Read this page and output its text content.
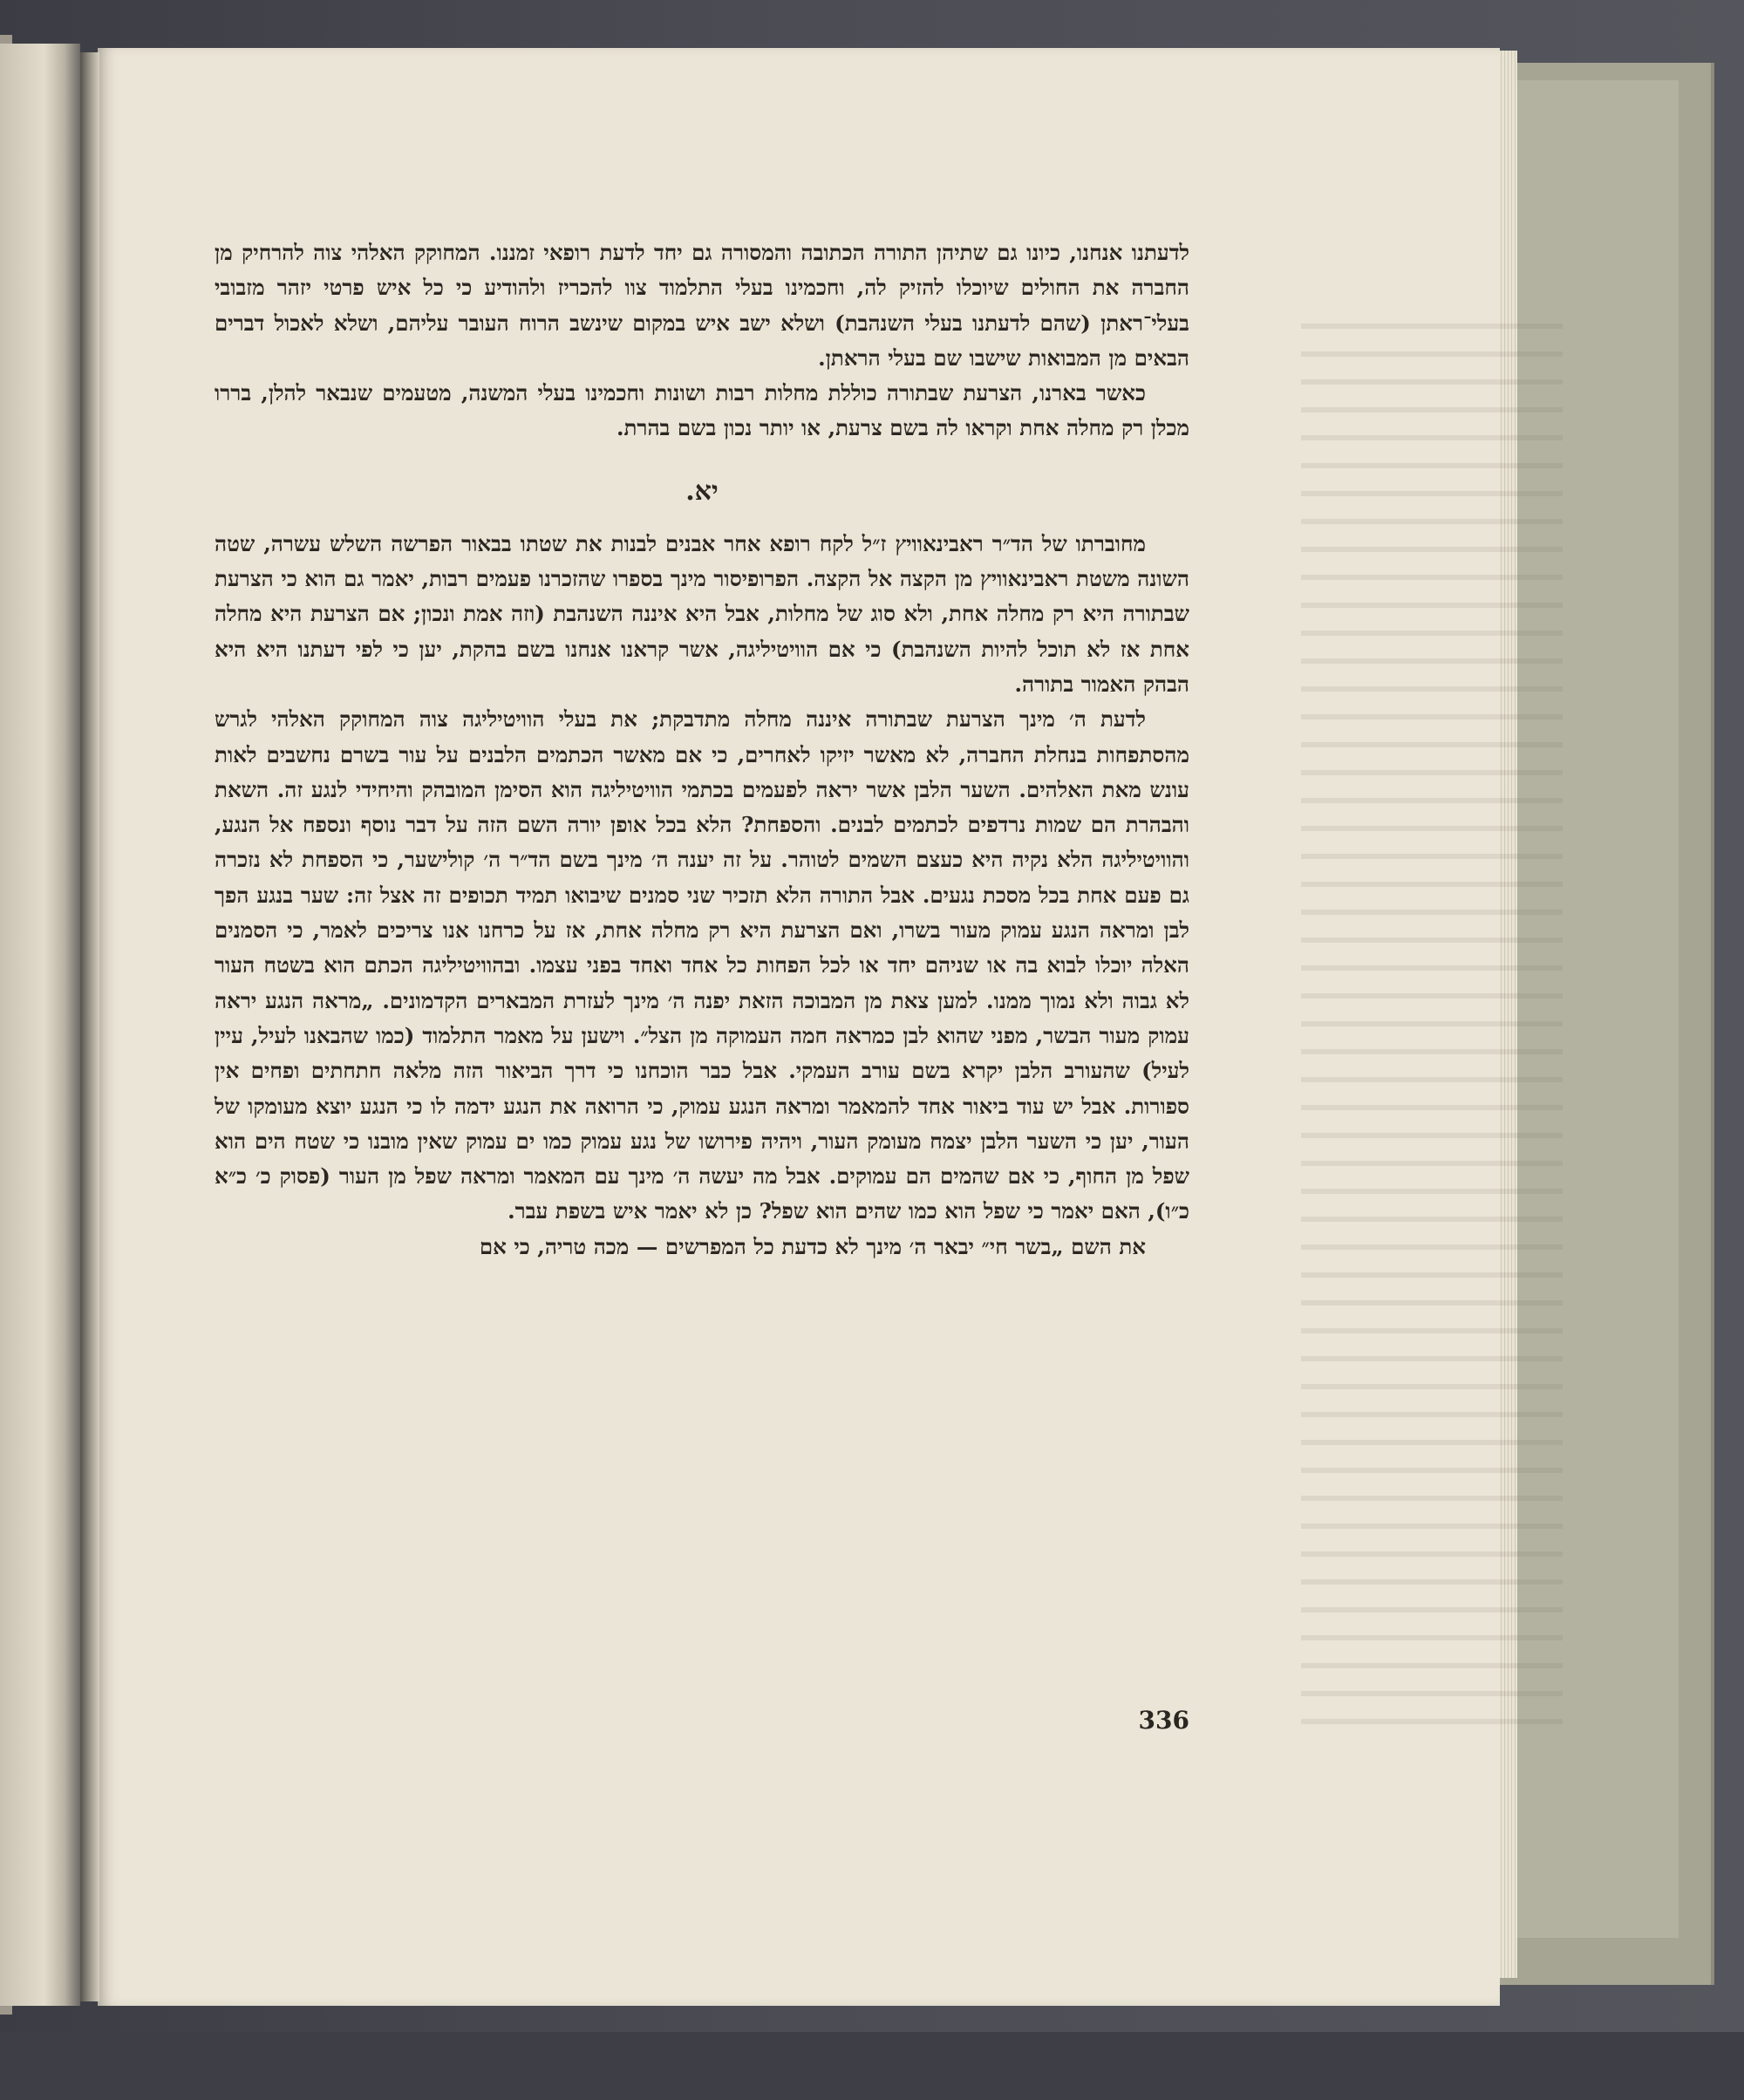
לדעתנו אנחנו, כיונו גם שתיהן התורה הכתובה והמסורה גם יחד לדעת רופאי זמננו. המחוקק האלהי צוה להרחיק מן החברה את החולים שיוכלו להזיק לה, וחכמינו בעלי התלמוד צוו להכריז ולהודיע כי כל איש פרטי יזהר מזבובי בעלי־ראתן (שהם לדעתנו בעלי השנהבת) ושלא ישב איש במקום שינשב הרוח העובר עליהם, ושלא לאכול דברים הבאים מן המבואות שישבו שם בעלי הראתן.

כאשר בארנו, הצרעת שבתורה כוללת מחלות רבות ושונות וחכמינו בעלי המשנה, מטעמים שנבאר להלן, בררו מכלן רק מחלה אחת וקראו לה בשם צרעת, או יותר נכון בשם בהרת.

יא.

מחוברתו של הד״ר ראבינאוויץ ז״ל לקח רופא אחר אבנים לבנות את שטתו בבאור הפרשה השלש עשרה, שטה השונה משטת ראבינאוויץ מן הקצה אל הקצה. הפרופיסור מינך בספרו שהזכרנו פעמים רבות, יאמר גם הוא כי הצרעת שבתורה היא רק מחלה אחת, ולא סוג של מחלות, אבל היא איננה השנהבת (וזה אמת ונכון; אם הצרעת היא מחלה אחת אז לא תוכל להיות השנהבת) כי אם הוויטיליגה, אשר קראנו אנחנו בשם בהקת, יען כי לפי דעתנו היא היא הבהק האמור בתורה.

לדעת ה׳ מינך הצרעת שבתורה איננה מחלה מתדבקת; את בעלי הוויטיליגה צוה המחוקק האלהי לגרש מהסתפחות בנחלת החברה, לא מאשר יזיקו לאחרים, כי אם מאשר הכתמים הלבנים על עור בשרם נחשבים לאות עונש מאת האלהים. השער הלבן אשר יראה לפעמים בכתמי הוויטיליגה הוא הסימן המובהק והיחידי לנגע זה. השאת והבהרת הם שמות נרדפים לכתמים לבנים. והספחת? הלא בכל אופן יורה השם הזה על דבר נוסף ונספח אל הנגע, והוויטיליגה הלא נקיה היא כעצם השמים לטוהר. על זה יענה ה׳ מינך בשם הד״ר ה׳ קולישער, כי הספחת לא נזכרה גם פעם אחת בכל מסכת נגעים. אבל התורה הלא תזכיר שני סמנים שיבואו תמיד תכופים זה אצל זה: שער בנגע הפך לבן ומראה הנגע עמוק מעור בשרו, ואם הצרעת היא רק מחלה אחת, אז על כרחנו אנו צריכים לאמר, כי הסמנים האלה יוכלו לבוא בה או שניהם יחד או לכל הפחות כל אחד ואחד בפני עצמו. ובהוויטיליגה הכתם הוא בשטח העור לא גבוה ולא נמוך ממנו. למען צאת מן המבוכה הזאת יפנה ה׳ מינך לעזרת המבארים הקדמונים. „מראה הנגע יראה עמוק מעור הבשר, מפני שהוא לבן כמראה חמה העמוקה מן הצל״. וישען על מאמר התלמוד (כמו שהבאנו לעיל, עיין לעיל) שהעורב הלבן יקרא בשם עורב העמקי. אבל כבר הוכחנו כי דרך הביאור הזה מלאה חתחתים ופחים אין ספורות. אבל יש עוד ביאור אחד להמאמר ומראה הנגע עמוק, כי הרואה את הנגע ידמה לו כי הנגע יוצא מעומקו של העור, יען כי השער הלבן יצמח מעומק העור, ויהיה פירושו של נגע עמוק כמו ים עמוק שאין מובנו כי שטח הים הוא שפל מן החוף, כי אם שהמים הם עמוקים. אבל מה יעשה ה׳ מינך עם המאמר ומראה שפל מן העור (פסוק כ׳ כ״א כ״ו), האם יאמר כי שפל הוא כמו שהים הוא שפל? כן לא יאמר איש בשפת עבר.

את השם „בשר חי״ יבאר ה׳ מינך לא כדעת כל המפרשים — מכה טריה, כי אם

336
